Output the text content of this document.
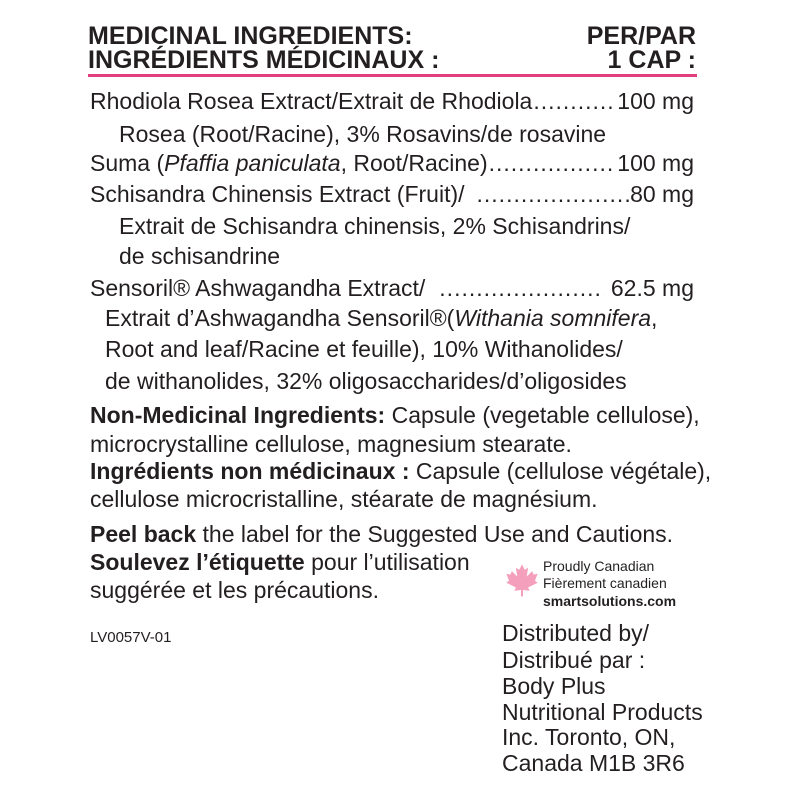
MEDICINAL INGREDIENTS:
INGRÉDIENTS MÉDICINAUX :
PER/PAR
1 CAP :
Rhodiola Rosea Extract/Extrait de Rhodiola .....	100 mg
Rosea (Root/Racine), 3% Rosavins/de rosavine
Suma (Pfaffia paniculata, Root/Racine) .....	100 mg
Schisandra Chinensis Extract (Fruit)/ .....	80 mg
Extrait de Schisandra chinensis, 2% Schisandrins/
de schisandrine
Sensoril® Ashwagandha Extract/ .....	62.5 mg
Extrait d’Ashwagandha Sensoril®(Withania somnifera,
Root and leaf/Racine et feuille), 10% Withanolides/
de withanolides, 32% oligosaccharides/d’oligosides
Non-Medicinal Ingredients: Capsule (vegetable cellulose),
microcrystalline cellulose, magnesium stearate.
Ingrédients non médicinaux : Capsule (cellulose végétale),
cellulose microcristalline, stéarate de magnésium.
Peel back the label for the Suggested Use and Cautions.
Soulevez l’étiquette pour l’utilisation
suggérée et les précautions.
Proudly Canadian
Fièrement canadien
smartsolutions.com
LV0057V-01	Distributed by/
Distribué par :
Body Plus
Nutritional Products
Inc. Toronto, ON,
Canada M1B 3R6
